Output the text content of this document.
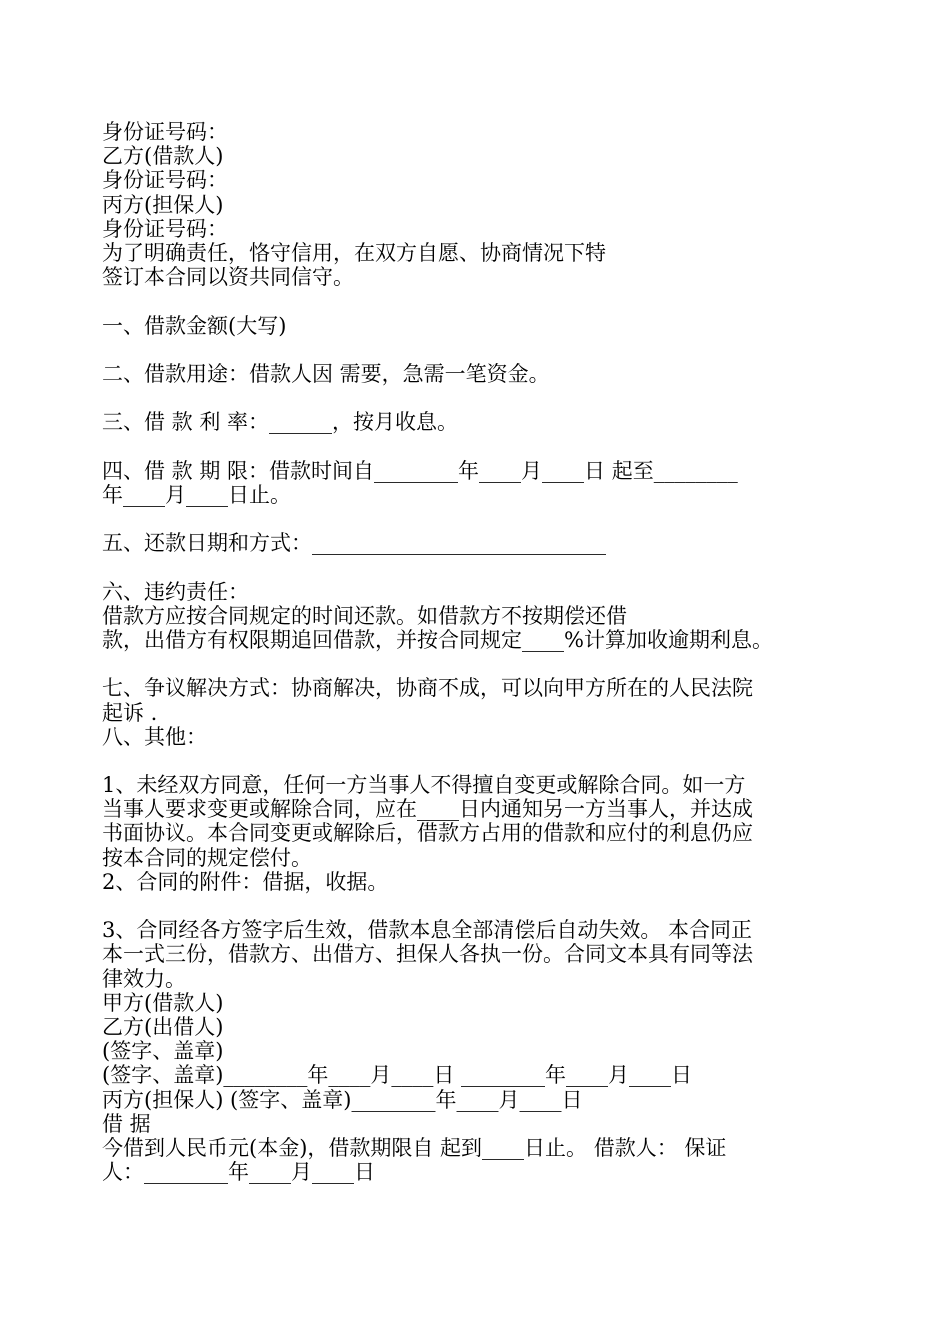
身份证号码：
乙方(借款人)
身份证号码：
丙方(担保人)
身份证号码：
为了明确责任，恪守信用，在双方自愿、协商情况下特
签订本合同以资共同信守。
一、借款金额(大写)
二、借款用途：借款人因 需要，急需一笔资金。
三、借 款 利 率：______，按月收息。
四、借 款 期 限：借款时间自________年____月____日 起至________
年____月____日止。
五、还款日期和方式：____________________________
六、违约责任：
借款方应按合同规定的时间还款。如借款方不按期偿还借
款，出借方有权限期追回借款，并按合同规定____%计算加收逾期利息。
七、争议解决方式：协商解决，协商不成，可以向甲方所在的人民法院
起诉 .
八、其他：
1、未经双方同意，任何一方当事人不得擅自变更或解除合同。如一方
当事人要求变更或解除合同，应在____日内通知另一方当事人，并达成
书面协议。本合同变更或解除后，借款方占用的借款和应付的利息仍应
按本合同的规定偿付。
2、合同的附件：借据，收据。
3、合同经各方签字后生效，借款本息全部清偿后自动失效。 本合同正
本一式三份，借款方、出借方、担保人各执一份。合同文本具有同等法
律效力。
甲方(借款人)
乙方(出借人)
(签字、盖章)
(签字、盖章)________年____月____日 ________年____月____日
丙方(担保人) (签字、盖章)________年____月____日
借 据
今借到人民币元(本金)，借款期限自 起到____日止。 借款人： 保证
人：________年____月____日
